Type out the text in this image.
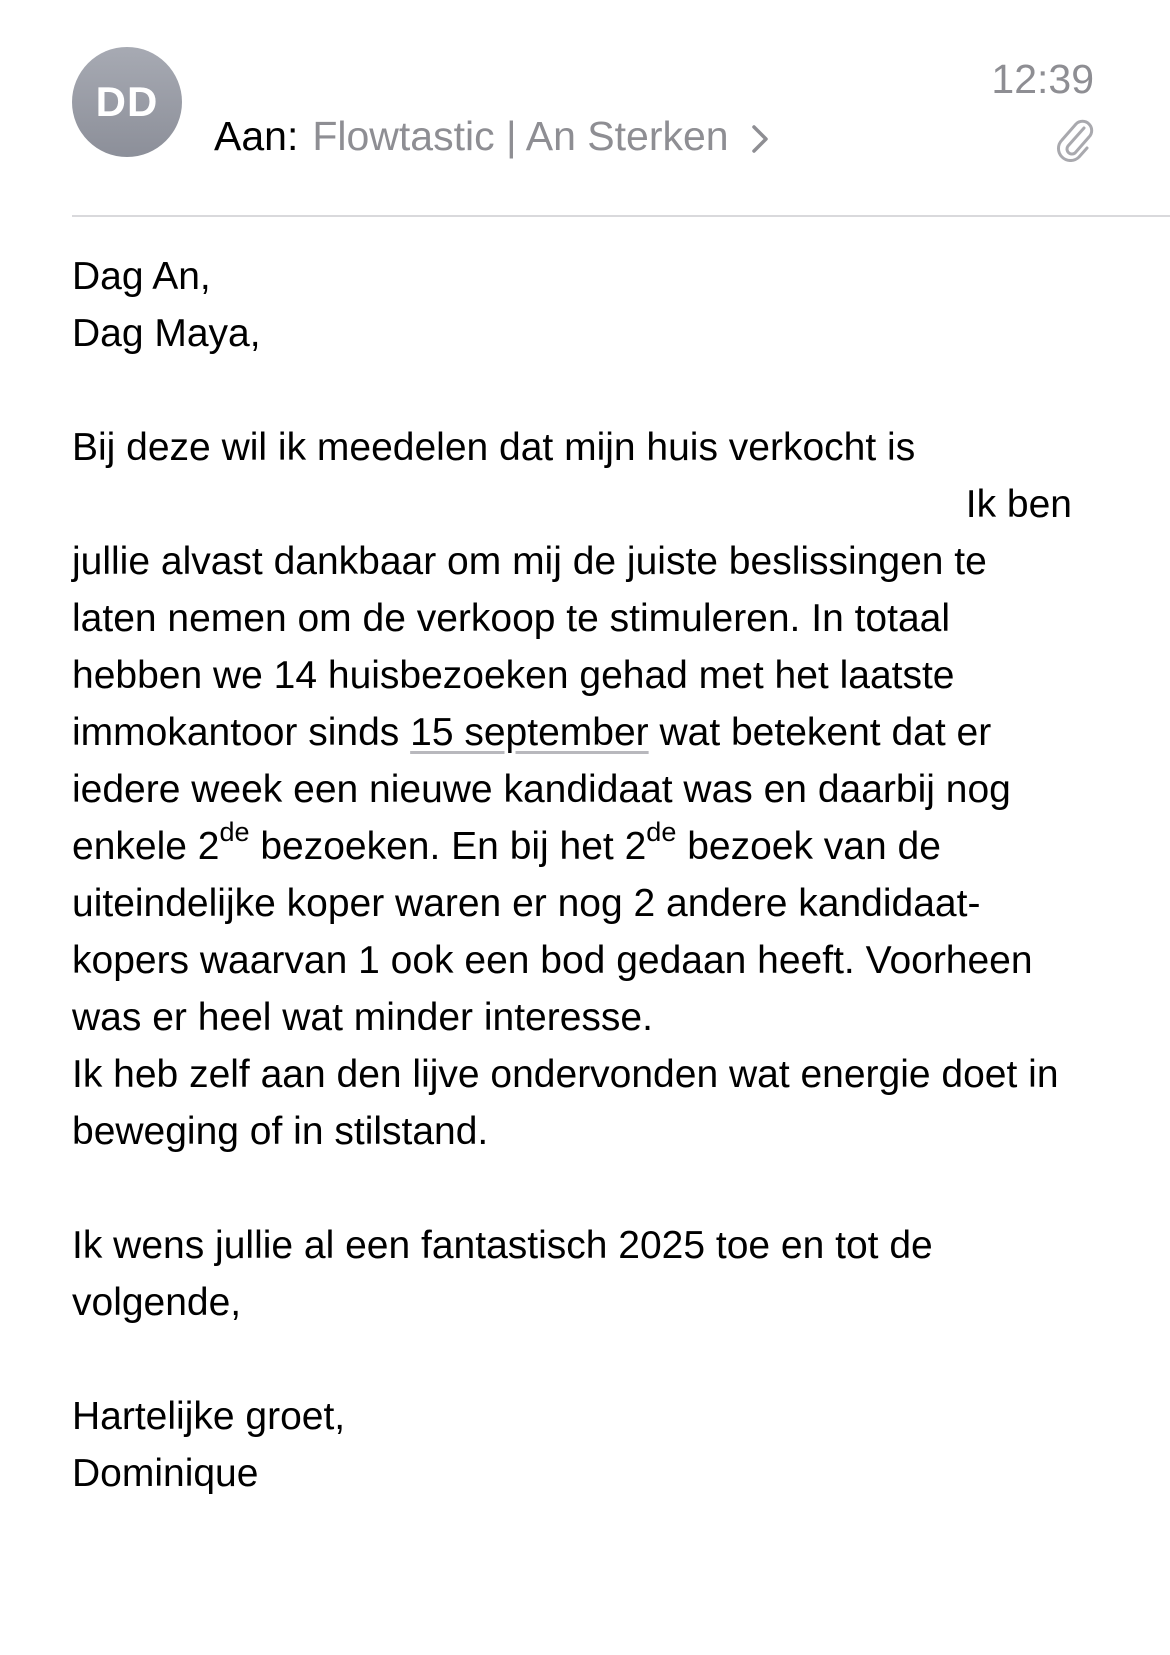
DD	12:39
Aan: Flowtastic | An Sterken

Dag An,

Dag Maya,

Bij deze wil ik meedelen dat mijn huis verkocht is

Ik ben

jullie alvast dankbaar om mij de juiste beslissingen te laten nemen om de verkoop te stimuleren. In totaal hebben we 14 huisbezoeken gehad met het laatste immokantoor sinds 15 september wat betekent dat er iedere week een nieuwe kandidaat was en daarbij nog enkele 2de bezoeken. En bij het 2de bezoek van de uiteindelijke koper waren er nog 2 andere kandidaat-kopers waarvan 1 ook een bod gedaan heeft. Voorheen was er heel wat minder interesse.

Ik heb zelf aan den lijve ondervonden wat energie doet in beweging of in stilstand.

Ik wens jullie al een fantastisch 2025 toe en tot de volgende,

Hartelijke groet,

Dominique
